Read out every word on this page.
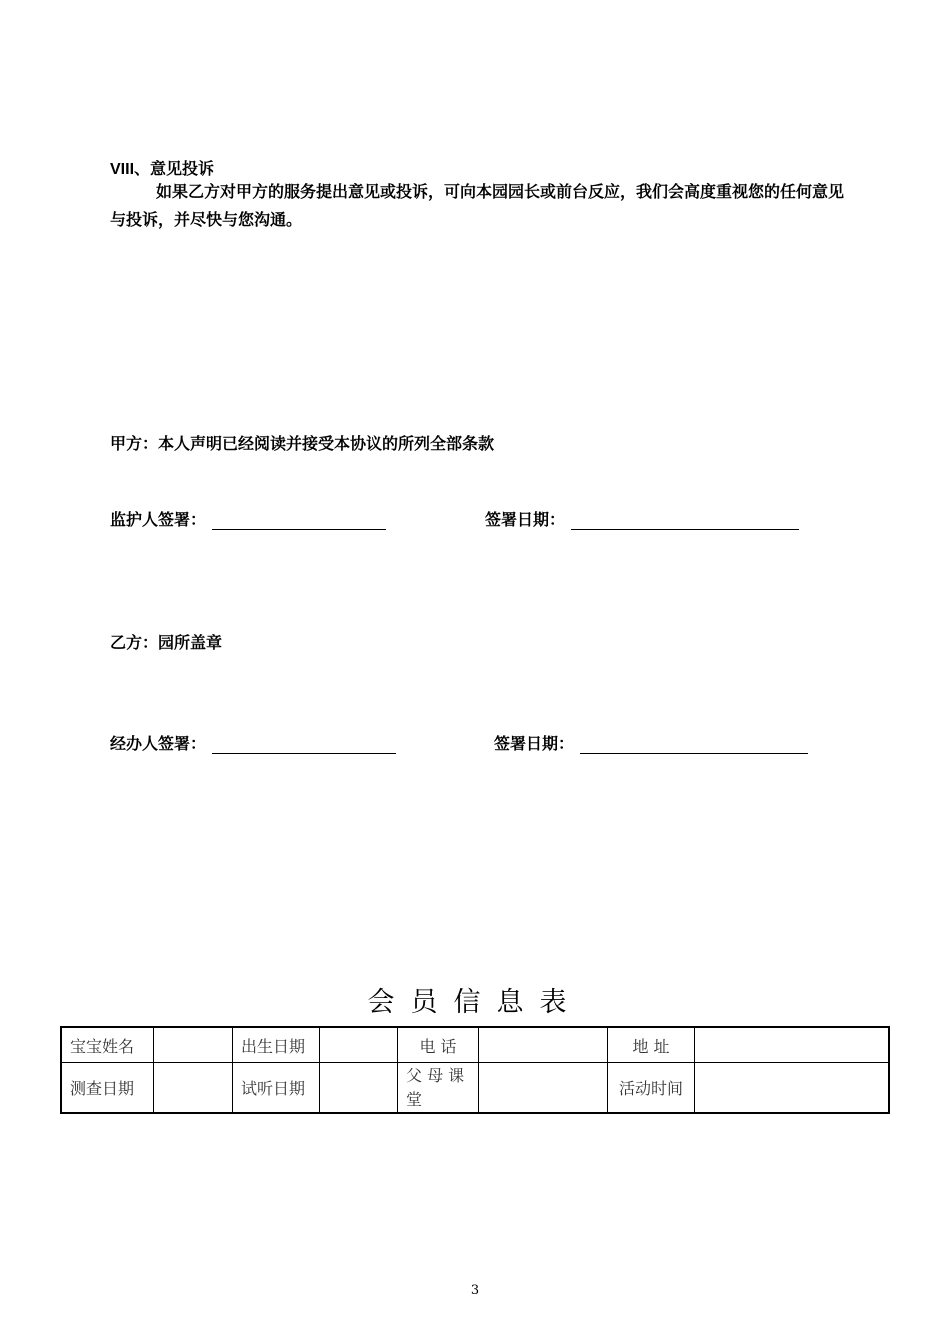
VIII、意见投诉
如果乙方对甲方的服务提出意见或投诉，可向本园园长或前台反应，我们会高度重视您的任何意见与投诉，并尽快与您沟通。
甲方：本人声明已经阅读并接受本协议的所列全部条款
监护人签署：	签署日期：
乙方：园所盖章
经办人签署：	签署日期：
会员信息表
宝宝姓名		出生日期		电 话		地 址	
测查日期		试听日期		父 母 课 堂		活动时间	
3
